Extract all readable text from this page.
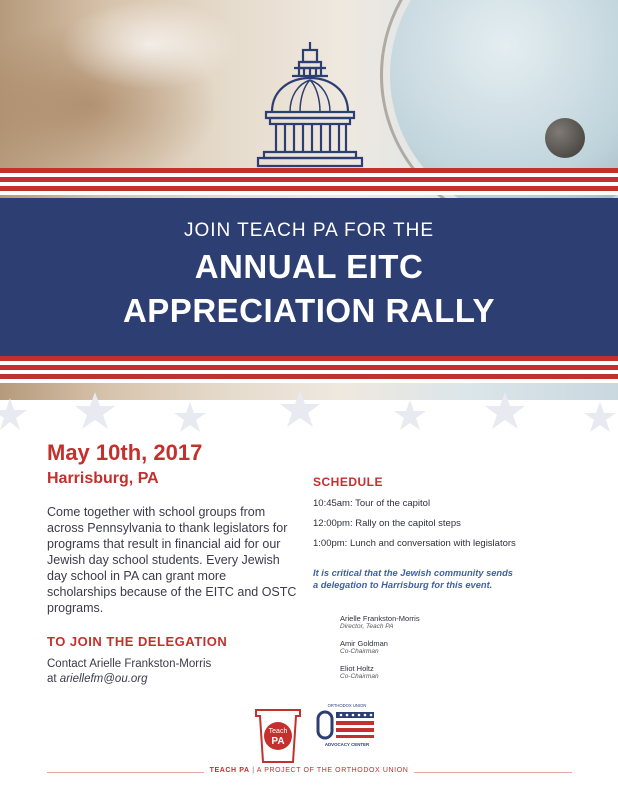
JOIN TEACH PA FOR THE
ANNUAL EITC
APPRECIATION RALLY
May 10th, 2017
Harrisburg, PA
Come together with school groups from across Pennsylvania to thank legislators for programs that result in financial aid for our Jewish day school students. Every Jewish day school in PA can grant more scholarships because of the EITC and OSTC programs.
TO JOIN THE DELEGATION
Contact Arielle Frankston-Morris
at ariellefm@ou.org
SCHEDULE
10:45am: Tour of the capitol
12:00pm: Rally on the capitol steps
1:00pm: Lunch and conversation with legislators
It is critical that the Jewish community sends
a delegation to Harrisburg for this event.
Arielle Frankston-Morris
Director, Teach PA
Amir Goldman
Co-Chairman
Eliot Holtz
Co-Chairman
Teach
PA
ORTHODOX UNION
ADVOCACY CENTER
TEACH PA | A PROJECT OF THE ORTHODOX UNION
